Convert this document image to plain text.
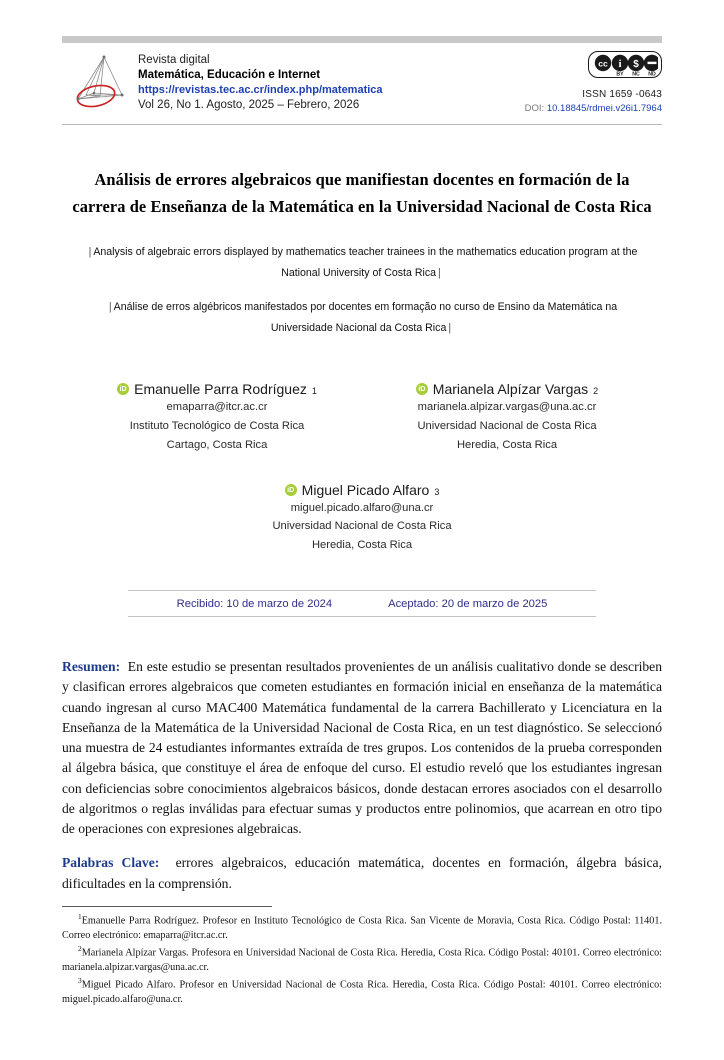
Revista digital
Matemática, Educación e Internet
https://revistas.tec.ac.cr/index.php/matematica
Vol 26, No 1. Agosto, 2025 – Febrero, 2026
cc i
BY
$
NC ND
ISSN 1659 -0643
DOI: 10.18845/rdmei.v26i1.7964
Análisis de errores algebraicos que manifiestan docentes en formación de la carrera de Enseñanza de la Matemática en la Universidad Nacional de Costa Rica
| Analysis of algebraic errors displayed by mathematics teacher trainees in the mathematics education program at the National University of Costa Rica |
| Análise de erros algébricos manifestados por docentes em formação no curso de Ensino da Matemática na Universidade Nacional da Costa Rica |
iD
Emanuelle Parra Rodríguez 1
emaparra@itcr.ac.cr
Instituto Tecnológico de Costa Rica
Cartago, Costa Rica
iD
Marianela Alpízar Vargas 2
marianela.alpizar.vargas@una.ac.cr
Universidad Nacional de Costa Rica
Heredia, Costa Rica
iD
Miguel Picado Alfaro 3
miguel.picado.alfaro@una.cr
Universidad Nacional de Costa Rica
Heredia, Costa Rica
Recibido: 10 de marzo de 2024	Aceptado: 20 de marzo de 2025
Resumen: En este estudio se presentan resultados provenientes de un análisis cualitativo donde se describen y clasifican errores algebraicos que cometen estudiantes en formación inicial en enseñanza de la matemática cuando ingresan al curso MAC400 Matemática fundamental de la carrera Bachillerato y Licenciatura en la Enseñanza de la Matemática de la Universidad Nacional de Costa Rica, en un test diagnóstico. Se seleccionó una muestra de 24 estudiantes informantes extraída de tres grupos. Los contenidos de la prueba corresponden al álgebra básica, que constituye el área de enfoque del curso. El estudio reveló que los estudiantes ingresan con deficiencias sobre conocimientos algebraicos básicos, donde destacan errores asociados con el desarrollo de algoritmos o reglas inválidas para efectuar sumas y productos entre polinomios, que acarrean en otro tipo de operaciones con expresiones algebraicas.
Palabras Clave: errores algebraicos, educación matemática, docentes en formación, álgebra básica, dificultades en la comprensión.
$^1$Emanuelle Parra Rodríguez. Profesor en Instituto Tecnológico de Costa Rica. San Vicente de Moravia, Costa Rica. Código Postal: 11401. Correo electrónico: emaparra@itcr.ac.cr.
$^2$Marianela Alpízar Vargas. Profesora en Universidad Nacional de Costa Rica. Heredia, Costa Rica. Código Postal: 40101. Correo electrónico: marianela.alpizar.vargas@una.ac.cr.
$^3$Miguel Picado Alfaro. Profesor en Universidad Nacional de Costa Rica. Heredia, Costa Rica. Código Postal: 40101. Correo electrónico: miguel.picado.alfaro@una.cr.
